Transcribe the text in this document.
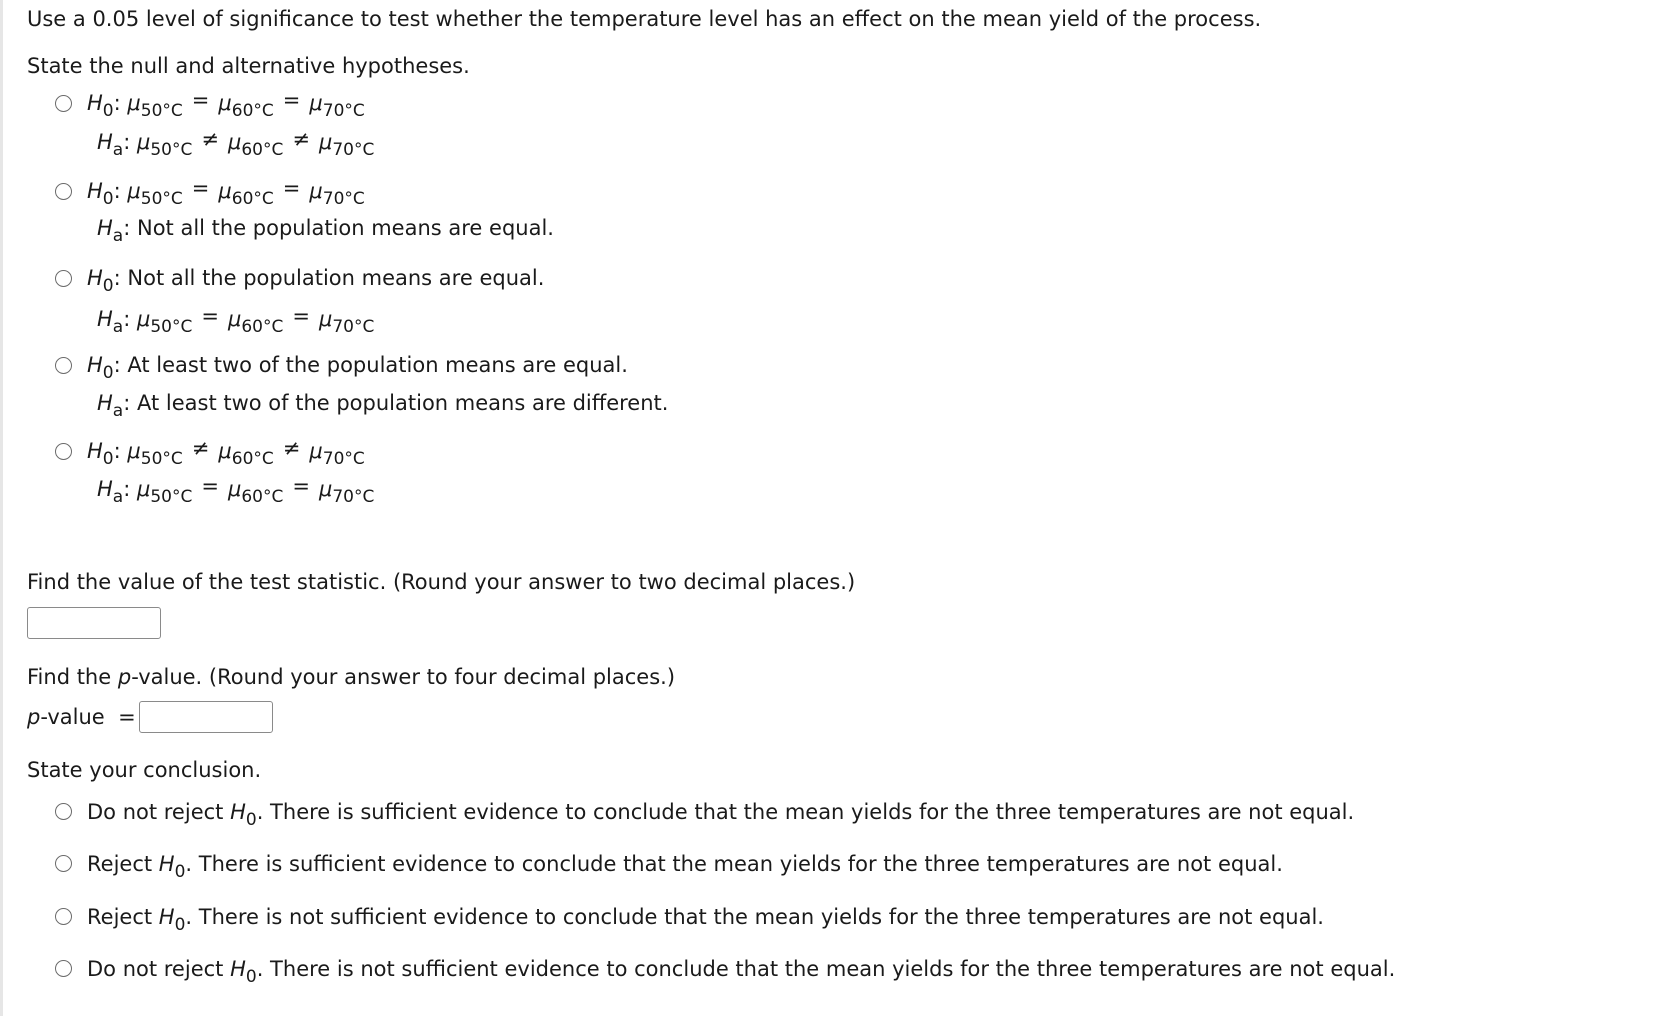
Use a 0.05 level of significance to test whether the temperature level has an effect on the mean yield of the process.
State the null and alternative hypotheses.
$H_0$: $\mu_{50^\circ C} = \mu_{60^\circ C} = \mu_{70^\circ C}$
$H_a$: $\mu_{50^\circ C} \ne \mu_{60^\circ C} \ne \mu_{70^\circ C}$
$H_0$: $\mu_{50^\circ C} = \mu_{60^\circ C} = \mu_{70^\circ C}$
$H_a$: Not all the population means are equal.
$H_0$: Not all the population means are equal.
$H_a$: $\mu_{50^\circ C} = \mu_{60^\circ C} = \mu_{70^\circ C}$
$H_0$: At least two of the population means are equal.
$H_a$: At least two of the population means are different.
$H_0$: $\mu_{50^\circ C} \ne \mu_{60^\circ C} \ne \mu_{70^\circ C}$
$H_a$: $\mu_{50^\circ C} = \mu_{60^\circ C} = \mu_{70^\circ C}$
Find the value of the test statistic. (Round your answer to two decimal places.)
Find the p-value. (Round your answer to four decimal places.)
p-value  =
State your conclusion.
Do not reject $H_0$. There is sufficient evidence to conclude that the mean yields for the three temperatures are not equal.
Reject $H_0$. There is sufficient evidence to conclude that the mean yields for the three temperatures are not equal.
Reject $H_0$. There is not sufficient evidence to conclude that the mean yields for the three temperatures are not equal.
Do not reject $H_0$. There is not sufficient evidence to conclude that the mean yields for the three temperatures are not equal.
